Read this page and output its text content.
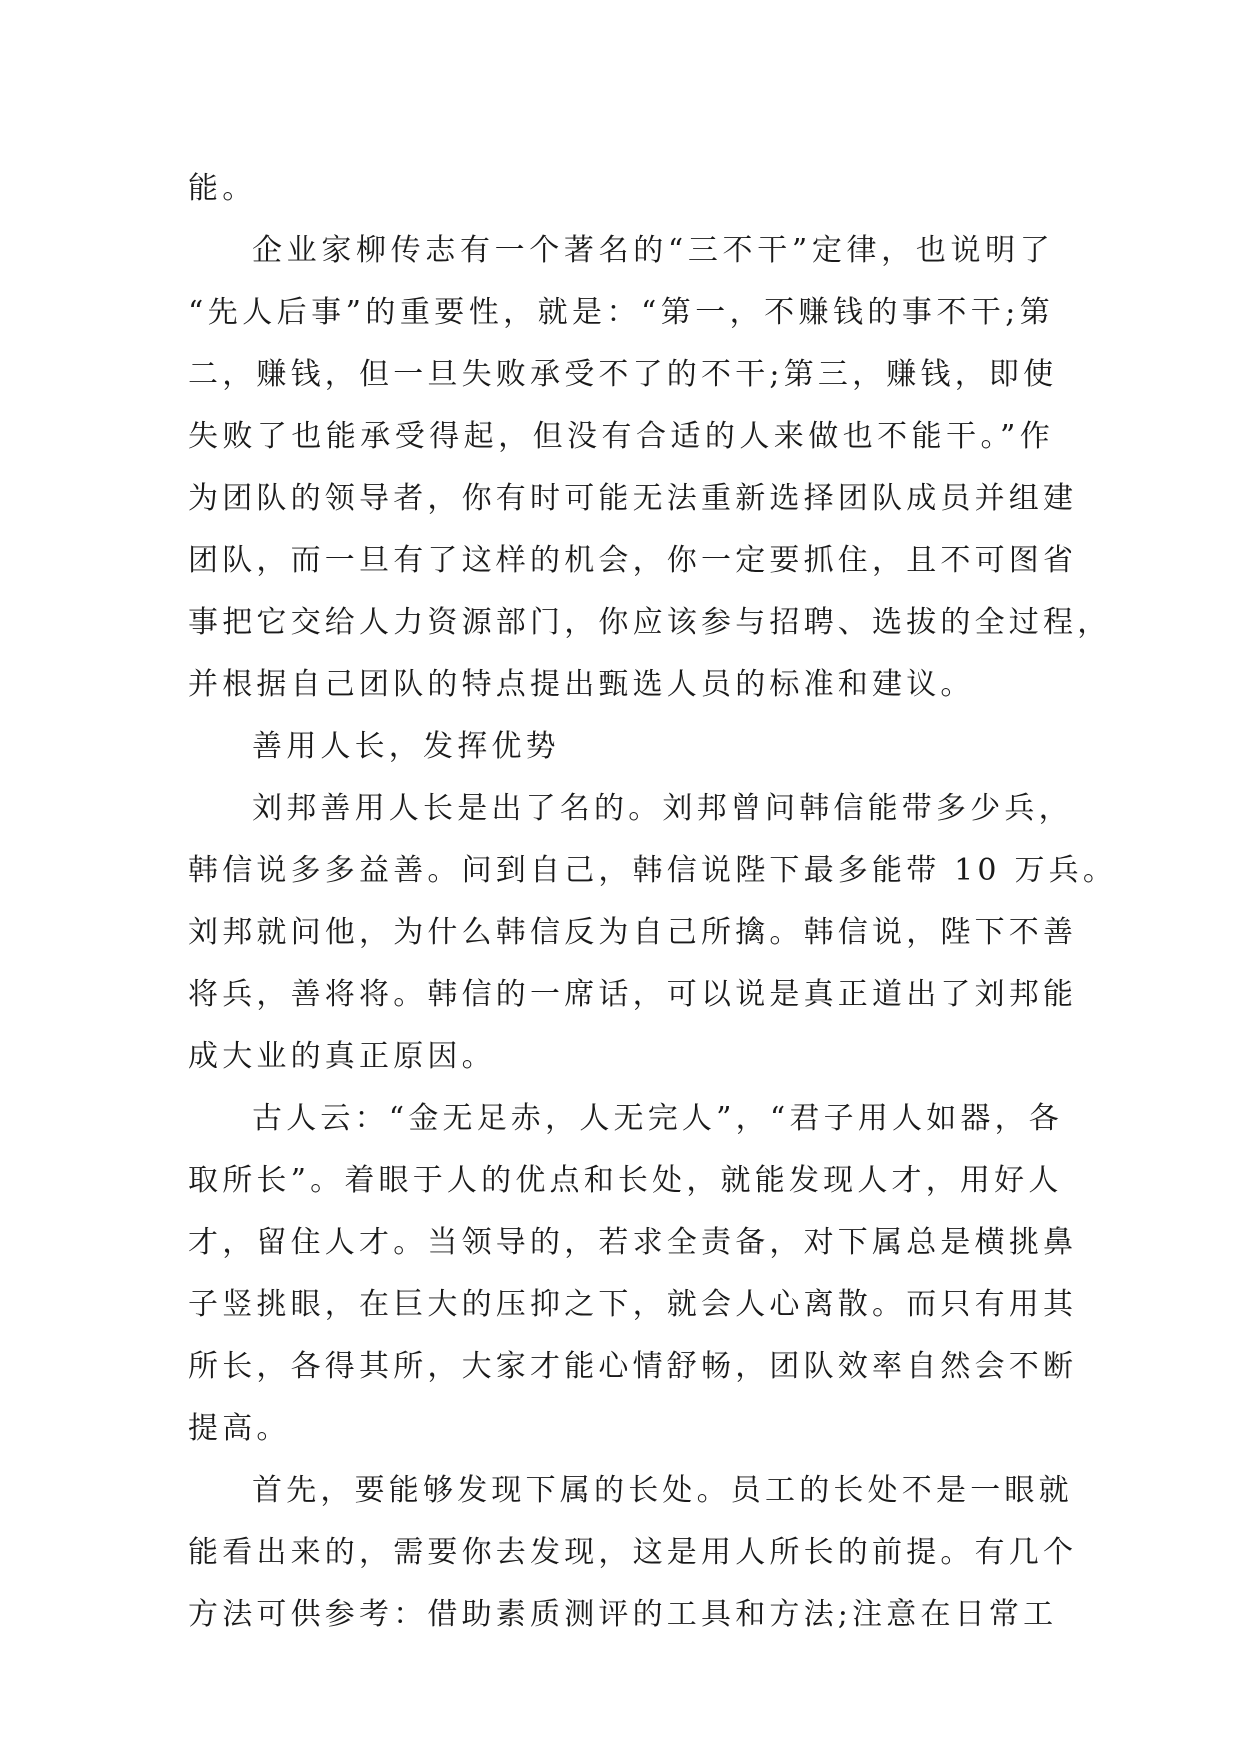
能。
企业家柳传志有一个著名的“三不干”定律，也说明了
“先人后事”的重要性，就是：“第一，不赚钱的事不干;第
二，赚钱，但一旦失败承受不了的不干;第三，赚钱，即使
失败了也能承受得起，但没有合适的人来做也不能干。”作
为团队的领导者，你有时可能无法重新选择团队成员并组建
团队，而一旦有了这样的机会，你一定要抓住，且不可图省
事把它交给人力资源部门，你应该参与招聘、选拔的全过程，
并根据自己团队的特点提出甄选人员的标准和建议。
善用人长，发挥优势
刘邦善用人长是出了名的。刘邦曾问韩信能带多少兵，
韩信说多多益善。问到自己，韩信说陛下最多能带 10 万兵。
刘邦就问他，为什么韩信反为自己所擒。韩信说，陛下不善
将兵，善将将。韩信的一席话，可以说是真正道出了刘邦能
成大业的真正原因。
古人云：“金无足赤，人无完人”，“君子用人如器，各
取所长”。着眼于人的优点和长处，就能发现人才，用好人
才，留住人才。当领导的，若求全责备，对下属总是横挑鼻
子竖挑眼，在巨大的压抑之下，就会人心离散。而只有用其
所长，各得其所，大家才能心情舒畅，团队效率自然会不断
提高。
首先，要能够发现下属的长处。员工的长处不是一眼就
能看出来的，需要你去发现，这是用人所长的前提。有几个
方法可供参考：借助素质测评的工具和方法;注意在日常工
